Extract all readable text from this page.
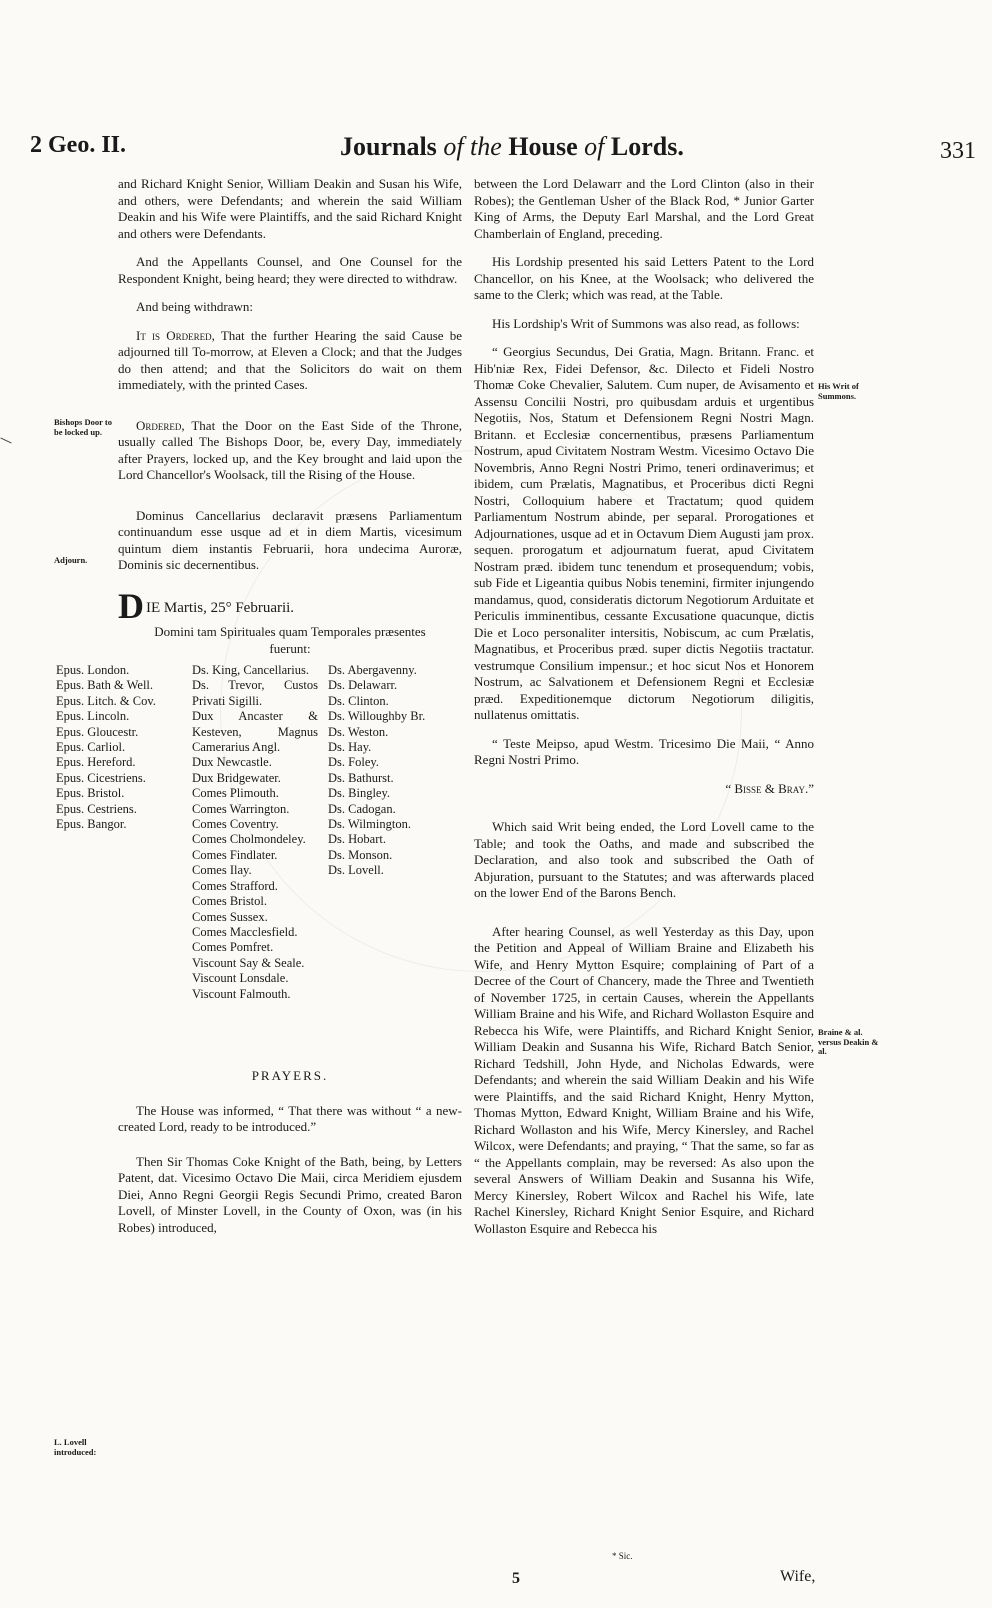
2 Geo. II.	Journals of the House of Lords.	331
Bishops Door to be locked up.
Adjourn.
L. Lovell introduced:
His Writ of Summons.
Braine & al. versus Deakin & al.

and Richard Knight Senior, William Deakin and Susan his Wife, and others, were Defendants; and wherein the said William Deakin and his Wife were Plaintiffs, and the said Richard Knight and others were Defendants.

And the Appellants Counsel, and One Counsel for the Respondent Knight, being heard; they were directed to withdraw.

And being withdrawn:

It is Ordered, That the further Hearing the said Cause be adjourned till To-morrow, at Eleven a Clock; and that the Judges do then attend; and that the Solicitors do wait on them immediately, with the printed Cases.

Ordered, That the Door on the East Side of the Throne, usually called The Bishops Door, be, every Day, immediately after Prayers, locked up, and the Key brought and laid upon the Lord Chancellor's Woolsack, till the Rising of the House.

Dominus Cancellarius declaravit præsens Parliamentum continuandum esse usque ad et in diem Martis, vicesimum quintum diem instantis Februarii, hora undecima Auroræ, Dominis sic decernentibus.

DIE Martis, 25° Februarii.

Domini tam Spirituales quam Temporales præsentes fuerunt:

Epus. London.
Epus. Bath & Well.
Epus. Litch. & Cov.
Epus. Lincoln.
Epus. Gloucestr.
Epus. Carliol.
Epus. Hereford.
Epus. Cicestriens.
Epus. Bristol.
Epus. Cestriens.
Epus. Bangor.
Ds. King, Cancellarius.
Ds. Trevor, Custos Privati Sigilli.
Dux Ancaster & Kesteven, Magnus Camerarius Angl.
Dux Newcastle.
Dux Bridgewater.
Comes Plimouth.
Comes Warrington.
Comes Coventry.
Comes Cholmondeley.
Comes Findlater.
Comes Ilay.
Comes Strafford.
Comes Bristol.
Comes Sussex.
Comes Macclesfield.
Comes Pomfret.
Viscount Say & Seale.
Viscount Lonsdale.
Viscount Falmouth.
Ds. Abergavenny.
Ds. Delawarr.
Ds. Clinton.
Ds. Willoughby Br.
Ds. Weston.
Ds. Hay.
Ds. Foley.
Ds. Bathurst.
Ds. Bingley.
Ds. Cadogan.
Ds. Wilmington.
Ds. Hobart.
Ds. Monson.
Ds. Lovell.
PRAYERS.

The House was informed, “ That there was without “ a new-created Lord, ready to be introduced.”

Then Sir Thomas Coke Knight of the Bath, being, by Letters Patent, dat. Vicesimo Octavo Die Maii, circa Meridiem ejusdem Diei, Anno Regni Georgii Regis Secundi Primo, created Baron Lovell, of Minster Lovell, in the County of Oxon, was (in his Robes) introduced,

between the Lord Delawarr and the Lord Clinton (also in their Robes); the Gentleman Usher of the Black Rod, * Junior Garter King of Arms, the Deputy Earl Marshal, and the Lord Great Chamberlain of England, preceding.

His Lordship presented his said Letters Patent to the Lord Chancellor, on his Knee, at the Woolsack; who delivered the same to the Clerk; which was read, at the Table.

His Lordship's Writ of Summons was also read, as follows:

“ Georgius Secundus, Dei Gratia, Magn. Britann. Franc. et Hib'niæ Rex, Fidei Defensor, &c. Dilecto et Fideli Nostro Thomæ Coke Chevalier, Salutem. Cum nuper, de Avisamento et Assensu Concilii Nostri, pro quibusdam arduis et urgentibus Negotiis, Nos, Statum et Defensionem Regni Nostri Magn. Britann. et Ecclesiæ concernentibus, præsens Parliamentum Nostrum, apud Civitatem Nostram Westm. Vicesimo Octavo Die Novembris, Anno Regni Nostri Primo, teneri ordinaverimus; et ibidem, cum Prælatis, Magnatibus, et Proceribus dicti Regni Nostri, Colloquium habere et Tractatum; quod quidem Parliamentum Nostrum abinde, per separal. Prorogationes et Adjournationes, usque ad et in Octavum Diem Augusti jam prox. sequen. prorogatum et adjournatum fuerat, apud Civitatem Nostram præd. ibidem tunc tenendum et prosequendum; vobis, sub Fide et Ligeantia quibus Nobis tenemini, firmiter injungendo mandamus, quod, consideratis dictorum Negotiorum Arduitate et Periculis imminentibus, cessante Excusatione quacunque, dictis Die et Loco personaliter intersitis, Nobiscum, ac cum Prælatis, Magnatibus, et Proceribus præd. super dictis Negotiis tractatur. vestrumque Consilium impensur.; et hoc sicut Nos et Honorem Nostrum, ac Salvationem et Defensionem Regni et Ecclesiæ præd. Expeditionemque dictorum Negotiorum diligitis, nullatenus omittatis.

“ Teste Meipso, apud Westm. Tricesimo Die Maii, “ Anno Regni Nostri Primo.

“ Bisse & Bray.”

Which said Writ being ended, the Lord Lovell came to the Table; and took the Oaths, and made and subscribed the Declaration, and also took and subscribed the Oath of Abjuration, pursuant to the Statutes; and was afterwards placed on the lower End of the Barons Bench.

After hearing Counsel, as well Yesterday as this Day, upon the Petition and Appeal of William Braine and Elizabeth his Wife, and Henry Mytton Esquire; complaining of Part of a Decree of the Court of Chancery, made the Three and Twentieth of November 1725, in certain Causes, wherein the Appellants William Braine and his Wife, and Richard Wollaston Esquire and Rebecca his Wife, were Plaintiffs, and Richard Knight Senior, William Deakin and Susanna his Wife, Richard Batch Senior, Richard Tedshill, John Hyde, and Nicholas Edwards, were Defendants; and wherein the said William Deakin and his Wife were Plaintiffs, and the said Richard Knight, Henry Mytton, Thomas Mytton, Edward Knight, William Braine and his Wife, Richard Wollaston and his Wife, Mercy Kinersley, and Rachel Wilcox, were Defendants; and praying, “ That the same, so far as “ the Appellants complain, may be reversed: As also upon the several Answers of William Deakin and Susanna his Wife, Mercy Kinersley, Robert Wilcox and Rachel his Wife, late Rachel Kinersley, Richard Knight Senior Esquire, and Richard Wollaston Esquire and Rebecca his

* Sic.
5	Wife,
